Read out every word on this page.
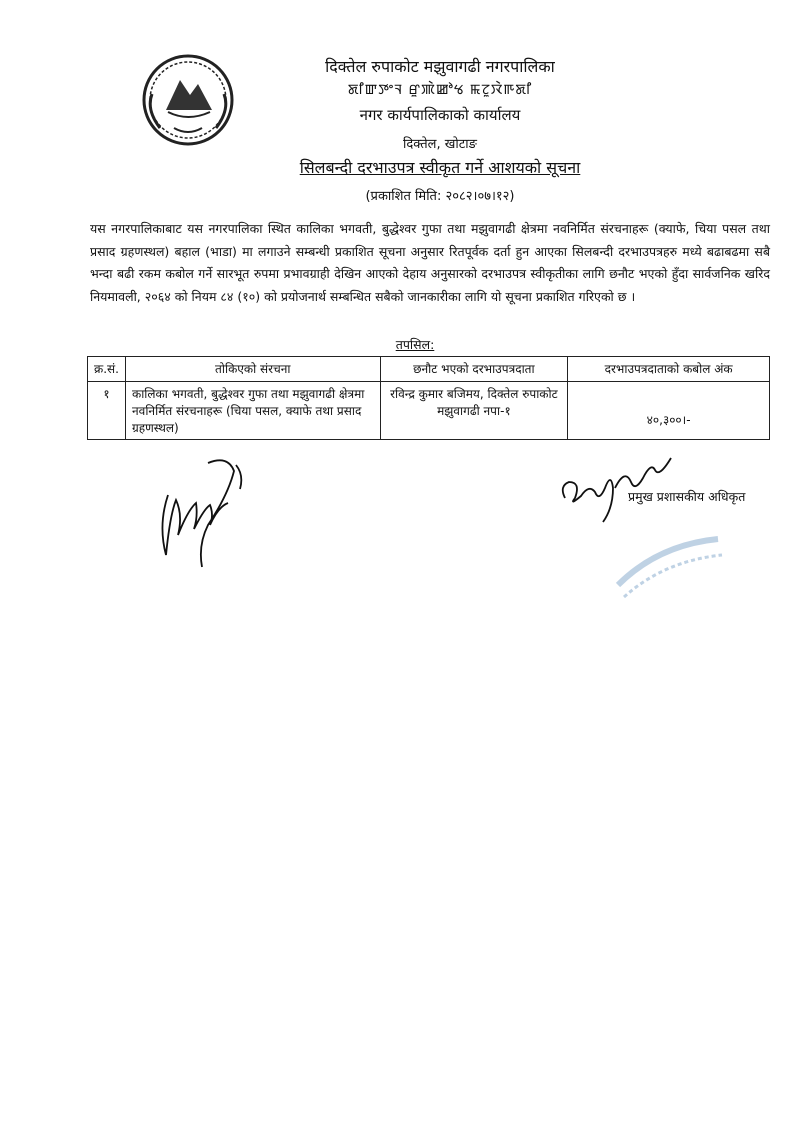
दिक्तेल रुपाकोट मझुवागढी नगरपालिका
ꯗꯤꯛꯇꯦꯜ ꯔꯨꯄꯥꯀꯣꯠ ꯃꯖꯨꯋꯥꯒꯗꯤ
नगर कार्यपालिकाको कार्यालय
दिक्तेल, खोटाङ
सिलबन्दी दरभाउपत्र स्वीकृत गर्ने आशयको सूचना
(प्रकाशित मिति: २०८२।०७।१२)
यस नगरपालिकाबाट यस नगरपालिका स्थित कालिका भगवती, बुद्धेश्वर गुफा तथा मझुवागढी क्षेत्रमा नवनिर्मित संरचनाहरू (क्याफे, चिया पसल तथा प्रसाद ग्रहणस्थल) बहाल (भाडा) मा लगाउने सम्बन्धी प्रकाशित सूचना अनुसार रितपूर्वक दर्ता हुन आएका सिलबन्दी दरभाउपत्रहरु मध्ये बढाबढमा सबै भन्दा बढी रकम कबोल गर्ने सारभूत रुपमा प्रभावग्राही देखिन आएको देहाय अनुसारको दरभाउपत्र स्वीकृतीका लागि छनौट भएको हुँदा सार्वजनिक खरिद नियमावली, २०६४ को नियम ८४ (१०) को प्रयोजनार्थ सम्बन्धित सबैको जानकारीका लागि यो सूचना प्रकाशित गरिएको छ ।
तपसिल:
क्र.सं.	तोकिएको संरचना	छनौट भएको दरभाउपत्रदाता	दरभाउपत्रदाताको कबोल अंक
१	कालिका भगवती, बुद्धेश्वर गुफा तथा मझुवागढी क्षेत्रमा नवनिर्मित संरचनाहरू (चिया पसल, क्याफे तथा प्रसाद ग्रहणस्थल)	रविन्द्र कुमार बजिमय, दिक्तेल रुपाकोट मझुवागढी नपा-१	४०,३००।-
प्रमुख प्रशासकीय अधिकृत
